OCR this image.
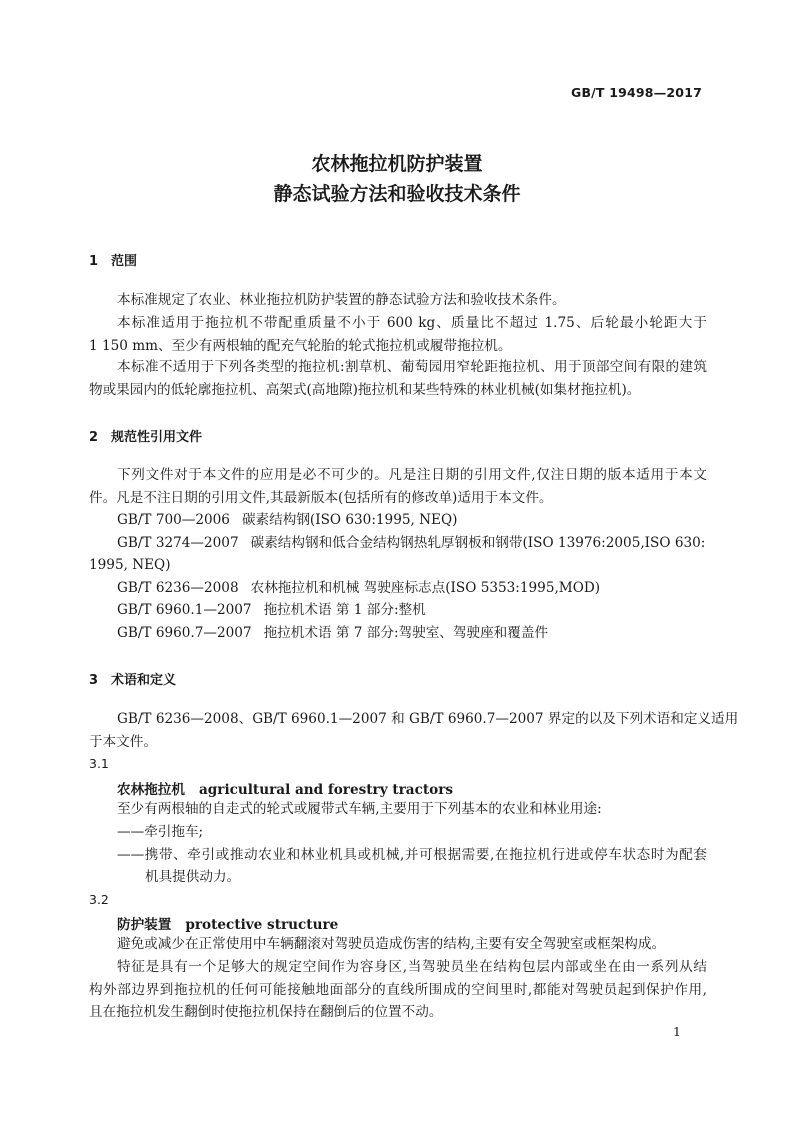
GB/T 19498—2017
农林拖拉机防护装置
静态试验方法和验收技术条件
1 范围
本标准规定了农业、林业拖拉机防护装置的静态试验方法和验收技术条件。
本标准适用于拖拉机不带配重质量不小于 600 kg、质量比不超过 1.75、后轮最小轮距大于
1 150 mm、至少有两根轴的配充气轮胎的轮式拖拉机或履带拖拉机。
本标准不适用于下列各类型的拖拉机:割草机、葡萄园用窄轮距拖拉机、用于顶部空间有限的建筑
物或果园内的低轮廓拖拉机、高架式(高地隙)拖拉机和某些特殊的林业机械(如集材拖拉机)。
2 规范性引用文件
下列文件对于本文件的应用是必不可少的。凡是注日期的引用文件,仅注日期的版本适用于本文
件。凡是不注日期的引用文件,其最新版本(包括所有的修改单)适用于本文件。
GB/T 700—2006 碳素结构钢(ISO 630:1995, NEQ)
GB/T 3274—2007 碳素结构钢和低合金结构钢热轧厚钢板和钢带(ISO 13976:2005,ISO 630:
1995, NEQ)
GB/T 6236—2008 农林拖拉机和机械 驾驶座标志点(ISO 5353:1995,MOD)
GB/T 6960.1—2007 拖拉机术语 第 1 部分:整机
GB/T 6960.7—2007 拖拉机术语 第 7 部分:驾驶室、驾驶座和覆盖件
3 术语和定义
GB/T 6236—2008、GB/T 6960.1—2007 和 GB/T 6960.7—2007 界定的以及下列术语和定义适用
于本文件。
3.1
农林拖拉机 agricultural and forestry tractors
至少有两根轴的自走式的轮式或履带式车辆,主要用于下列基本的农业和林业用途:
——牵引拖车;
——携带、牵引或推动农业和林业机具或机械,并可根据需要,在拖拉机行进或停车状态时为配套
机具提供动力。
3.2
防护装置 protective structure
避免或减少在正常使用中车辆翻滚对驾驶员造成伤害的结构,主要有安全驾驶室或框架构成。
特征是具有一个足够大的规定空间作为容身区,当驾驶员坐在结构包层内部或坐在由一系列从结
构外部边界到拖拉机的任何可能接触地面部分的直线所围成的空间里时,都能对驾驶员起到保护作用,
且在拖拉机发生翻倒时使拖拉机保持在翻倒后的位置不动。
1
